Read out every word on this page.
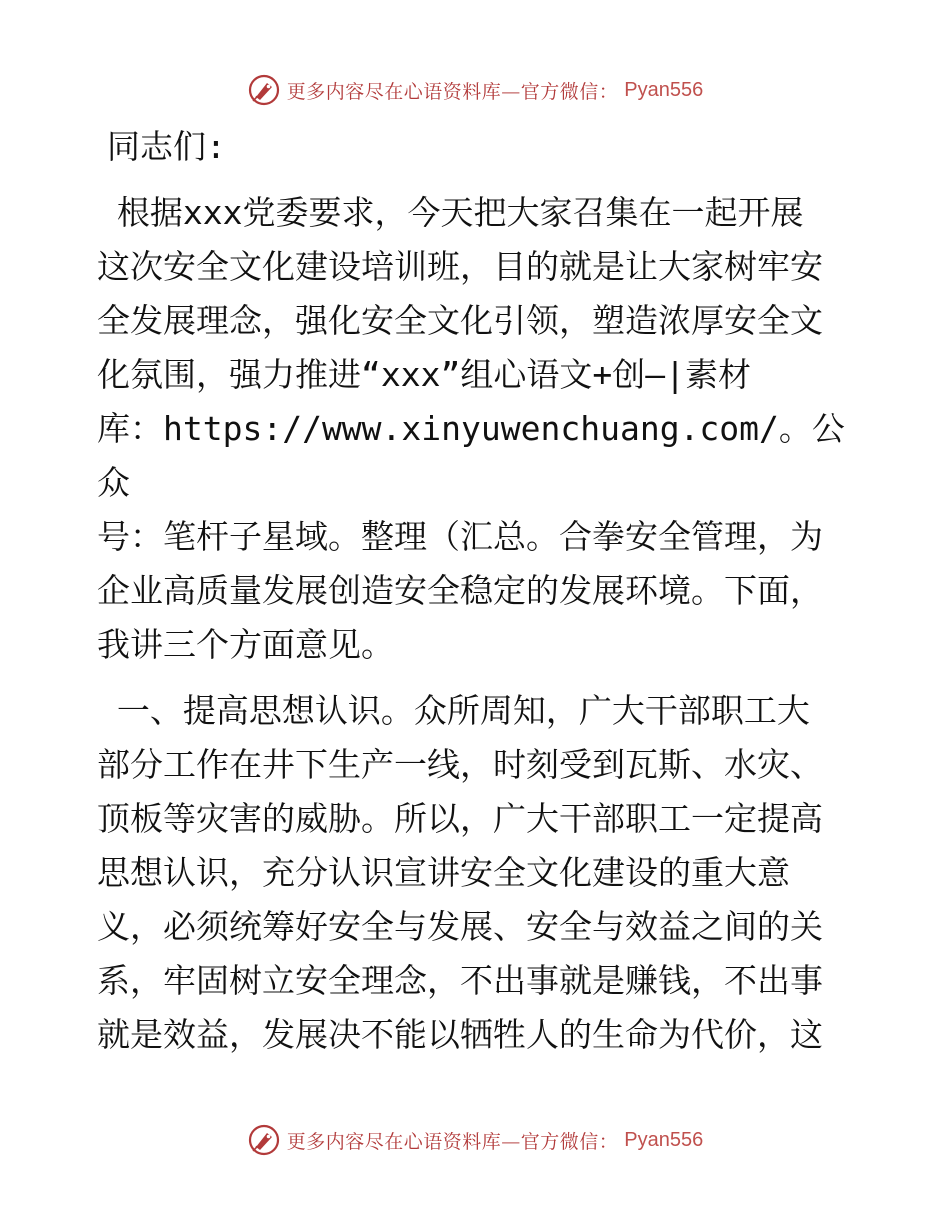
更多内容尽在心语资料库—官方微信： Pyan556

同志们:

根据xxx党委要求，今天把大家召集在一起开展

这次安全文化建设培训班，目的就是让大家树牢安

全发展理念，强化安全文化引领，塑造浓厚安全文

化氛围，强力推进“xxx”组心语文+创—|素材

库：https://www.xinyuwenchuang.com/。公众

号：笔杆子星域。整理（汇总。合拳安全管理，为

企业高质量发展创造安全稳定的发展环境。下面，

我讲三个方面意见。

一、提高思想认识。众所周知，广大干部职工大

部分工作在井下生产一线，时刻受到瓦斯、水灾、

顶板等灾害的威胁。所以，广大干部职工一定提高

思想认识，充分认识宣讲安全文化建设的重大意

义，必须统筹好安全与发展、安全与效益之间的关

系，牢固树立安全理念，不出事就是赚钱，不出事

就是效益，发展决不能以牺牲人的生命为代价，这

更多内容尽在心语资料库—官方微信： Pyan556
